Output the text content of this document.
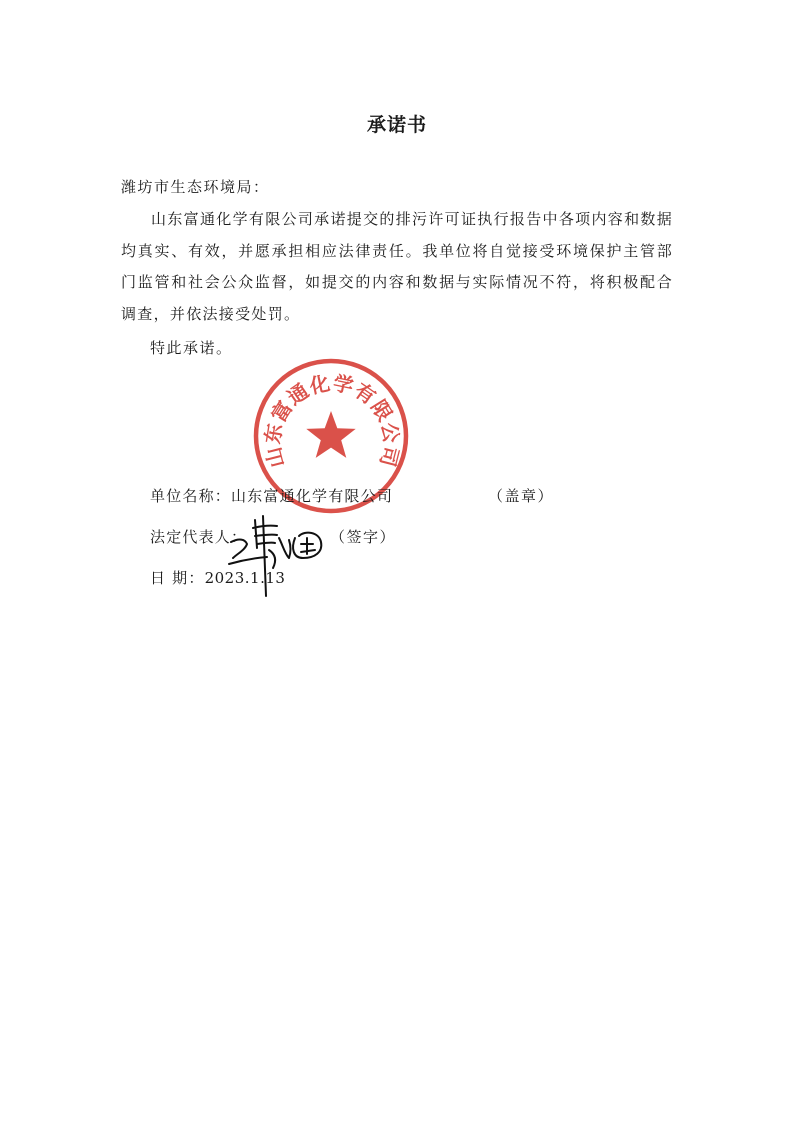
承诺书
潍坊市生态环境局：

山东富通化学有限公司承诺提交的排污许可证执行报告中各项内容和数据均真实、有效，并愿承担相应法律责任。我单位将自觉接受环境保护主管部门监管和社会公众监督，如提交的内容和数据与实际情况不符，将积极配合调查，并依法接受处罚。

特此承诺。
山东富通化学有限公司
单位名称：山东富通化学有限公司	（盖章）
法定代表人：	（签字）
日 期：2023.1.13
